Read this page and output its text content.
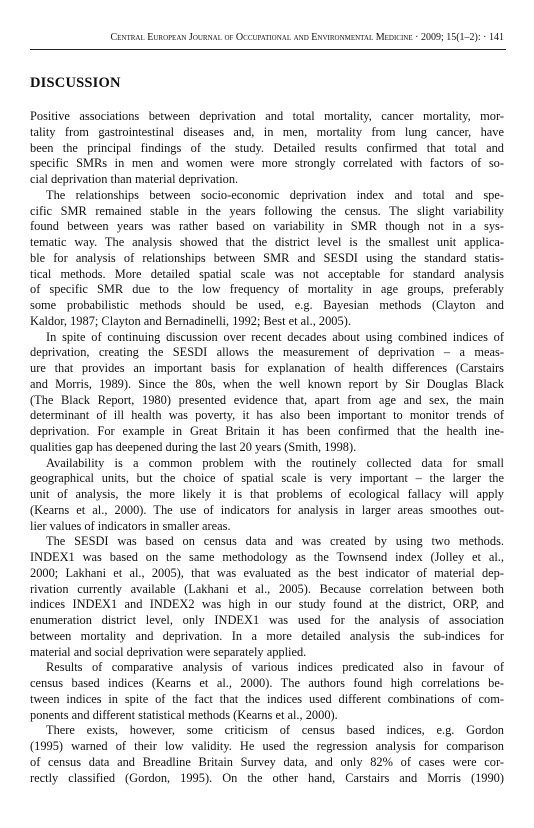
Central European Journal of Occupational and Environmental Medicine · 2009; 15(1–2): · 141
DISCUSSION
Positive associations between deprivation and total mortality, cancer mortality, mor-
tality from gastrointestinal diseases and, in men, mortality from lung cancer, have
been the principal findings of the study. Detailed results confirmed that total and
specific SMRs in men and women were more strongly correlated with factors of so-
cial deprivation than material deprivation.
The relationships between socio-economic deprivation index and total and spe-
cific SMR remained stable in the years following the census. The slight variability
found between years was rather based on variability in SMR though not in a sys-
tematic way. The analysis showed that the district level is the smallest unit applica-
ble for analysis of relationships between SMR and SESDI using the standard statis-
tical methods. More detailed spatial scale was not acceptable for standard analysis
of specific SMR due to the low frequency of mortality in age groups, preferably
some probabilistic methods should be used, e.g. Bayesian methods (Clayton and
Kaldor, 1987; Clayton and Bernadinelli, 1992; Best et al., 2005).
In spite of continuing discussion over recent decades about using combined indices of
deprivation, creating the SESDI allows the measurement of deprivation – a meas-
ure that provides an important basis for explanation of health differences (Carstairs
and Morris, 1989). Since the 80s, when the well known report by Sir Douglas Black
(The Black Report, 1980) presented evidence that, apart from age and sex, the main
determinant of ill health was poverty, it has also been important to monitor trends of
deprivation. For example in Great Britain it has been confirmed that the health ine-
qualities gap has deepened during the last 20 years (Smith, 1998).
Availability is a common problem with the routinely collected data for small
geographical units, but the choice of spatial scale is very important – the larger the
unit of analysis, the more likely it is that problems of ecological fallacy will apply
(Kearns et al., 2000). The use of indicators for analysis in larger areas smoothes out-
lier values of indicators in smaller areas.
The SESDI was based on census data and was created by using two methods.
INDEX1 was based on the same methodology as the Townsend index (Jolley et al.,
2000; Lakhani et al., 2005), that was evaluated as the best indicator of material dep-
rivation currently available (Lakhani et al., 2005). Because correlation between both
indices INDEX1 and INDEX2 was high in our study found at the district, ORP, and
enumeration district level, only INDEX1 was used for the analysis of association
between mortality and deprivation. In a more detailed analysis the sub-indices for
material and social deprivation were separately applied.
Results of comparative analysis of various indices predicated also in favour of
census based indices (Kearns et al., 2000). The authors found high correlations be-
tween indices in spite of the fact that the indices used different combinations of com-
ponents and different statistical methods (Kearns et al., 2000).
There exists, however, some criticism of census based indices, e.g. Gordon
(1995) warned of their low validity. He used the regression analysis for comparison
of census data and Breadline Britain Survey data, and only 82% of cases were cor-
rectly classified (Gordon, 1995). On the other hand, Carstairs and Morris (1990)
